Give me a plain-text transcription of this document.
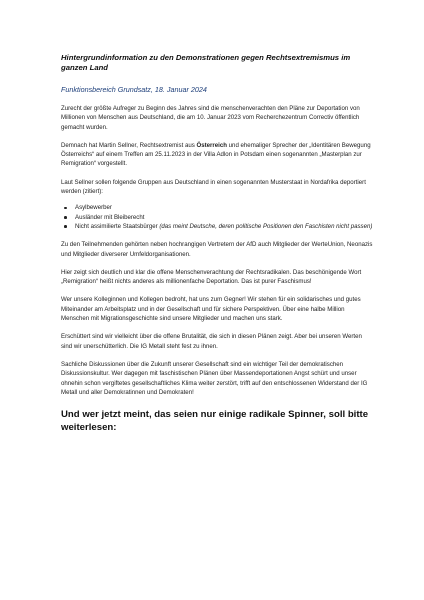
Hintergrundinformation zu den Demonstrationen gegen Rechtsextremismus im ganzen Land
Funktionsbereich Grundsatz, 18. Januar 2024

Zurecht der größte Aufreger zu Beginn des Jahres sind die menschenverachten den Pläne zur Deportation von Millionen von Menschen aus Deutschland, die am 10. Januar 2023 vom Recherchezentrum Correctiv öffentlich gemacht wurden.

Demnach hat Martin Sellner, Rechtsextremist aus Österreich und ehemaliger Sprecher der „Identitären Bewegung Österreichs“ auf einem Treffen am 25.11.2023 in der Villa Adlon in Potsdam einen sogenannten „Masterplan zur Remigration“ vorgestellt.

Laut Sellner sollen folgende Gruppen aus Deutschland in einen sogenannten Musterstaat in Nordafrika deportiert werden (zitiert):

Asylbewerber
Ausländer mit Bleiberecht
Nicht assimilierte Staatsbürger (das meint Deutsche, deren politische Positionen den Faschisten nicht passen)

Zu den Teilnehmenden gehörten neben hochrangigen Vertretern der AfD auch Mitglieder der WerteUnion, Neonazis und Mitglieder diverserer Umfeldorganisationen.

Hier zeigt sich deutlich und klar die offene Menschenverachtung der Rechtsradikalen. Das beschönigende Wort „Remigration“ heißt nichts anderes als millionenfache Deportation. Das ist purer Faschismus!

Wer unsere Kolleginnen und Kollegen bedroht, hat uns zum Gegner! Wir stehen für ein solidarisches und gutes Miteinander am Arbeitsplatz und in der Gesellschaft und für sichere Perspektiven. Über eine halbe Million Menschen mit Migrationsgeschichte sind unsere Mitglieder und machen uns stark.

Erschüttert sind wir vielleicht über die offene Brutalität, die sich in diesen Plänen zeigt. Aber bei unseren Werten sind wir unerschütterlich. Die IG Metall steht fest zu ihnen.

Sachliche Diskussionen über die Zukunft unserer Gesellschaft sind ein wichtiger Teil der demokratischen Diskussionskultur. Wer dagegen mit faschistischen Plänen über Massendeportationen Angst schürt und unser ohnehin schon vergiftetes gesellschaftliches Klima weiter zerstört, trifft auf den entschlossenen Widerstand der IG Metall und aller Demokratinnen und Demokraten!

Und wer jetzt meint, das seien nur einige radikale Spinner, soll bitte weiterlesen:
